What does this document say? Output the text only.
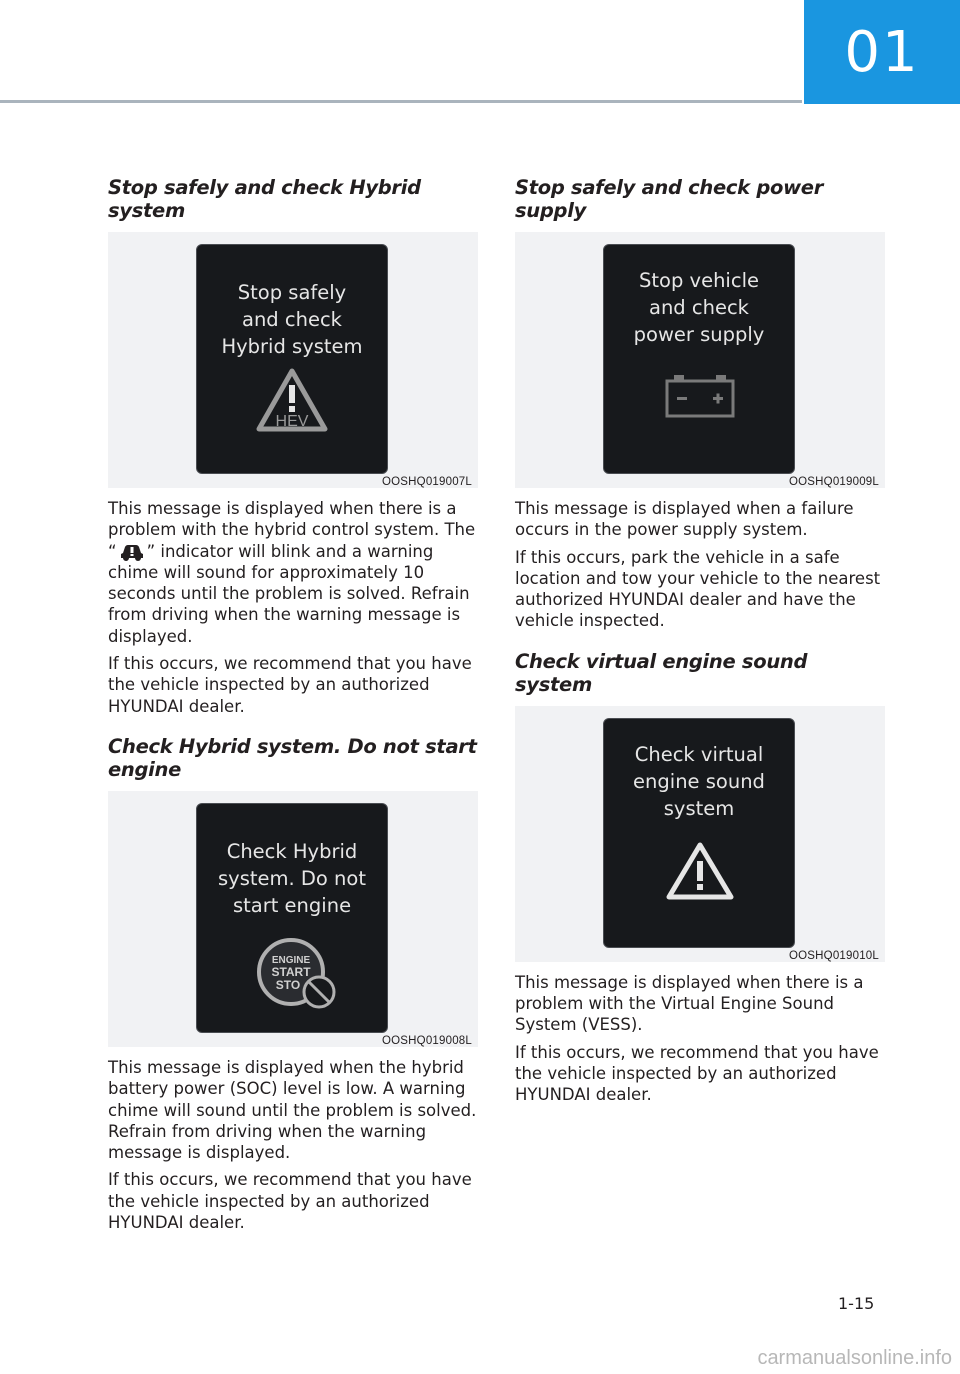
01
Stop safely and check Hybrid system
Stop safely
and check
Hybrid system
HEV
OOSHQ019007L

This message is displayed when there is a problem with the hybrid control system. The “ ” indicator will blink and a warning chime will sound for approximately 10 seconds until the problem is solved. Refrain from driving when the warning message is displayed.

If this occurs, we recommend that you have the vehicle inspected by an authorized HYUNDAI dealer.

Check Hybrid system. Do not start engine
Check Hybrid
system. Do not
start engine
ENGINE
START
STO
OOSHQ019008L

This message is displayed when the hybrid battery power (SOC) level is low. A warning chime will sound until the problem is solved. Refrain from driving when the warning message is displayed.

If this occurs, we recommend that you have the vehicle inspected by an authorized HYUNDAI dealer.

Stop safely and check power supply
Stop vehicle
and check
power supply
OOSHQ019009L

This message is displayed when a failure occurs in the power supply system.

If this occurs, park the vehicle in a safe location and tow your vehicle to the nearest authorized HYUNDAI dealer and have the vehicle inspected.

Check virtual engine sound system
Check virtual
engine sound
system
OOSHQ019010L

This message is displayed when there is a problem with the Virtual Engine Sound System (VESS).

If this occurs, we recommend that you have the vehicle inspected by an authorized HYUNDAI dealer.

1-15
carmanualsonline.info
